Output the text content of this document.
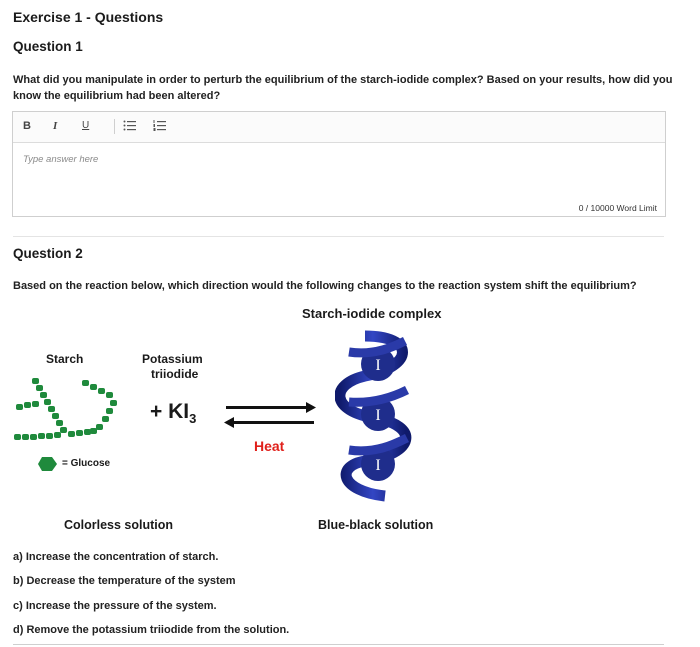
Exercise 1 - Questions
Question 1
What did you manipulate in order to perturb the equilibrium of the starch-iodide complex? Based on your results, how did you
know the equilibrium had been altered?
B I U
Type answer here
0 / 10000 Word Limit
Question 2
Based on the reaction below, which direction would the following changes to the reaction system shift the equilibrium?
Starch-iodide complex
Starch	Potassium
triiodide
= Glucose
+ $KI_3$
Heat
I
I
I
Colorless solution	Blue-black solution
a) Increase the concentration of starch.
b) Decrease the temperature of the system
c) Increase the pressure of the system.
d) Remove the potassium triiodide from the solution.
